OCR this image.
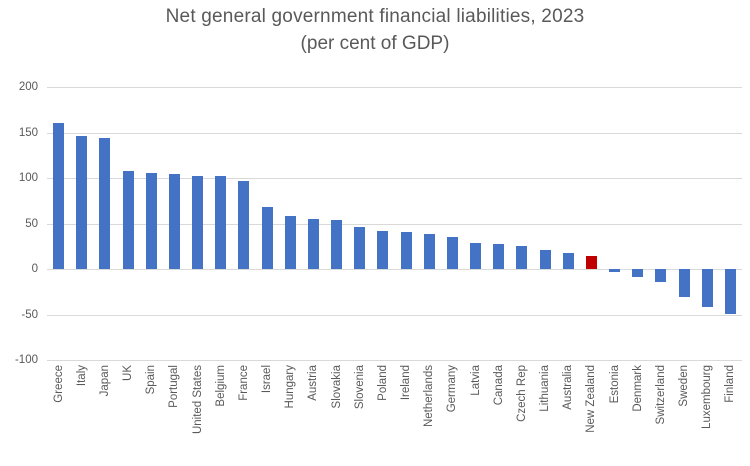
Net general government financial liabilities, 2023
(per cent of GDP)
200
150
100
50
0
-50
-100
Greece Italy Japan UK Spain Portugal United States Belgium France Israel Hungary Austria Slovakia Slovenia Poland Ireland Netherlands Germany Latvia Canada Czech Rep Lithuania Australia New Zealand Estonia Denmark Switzerland Sweden Luxembourg Finland
